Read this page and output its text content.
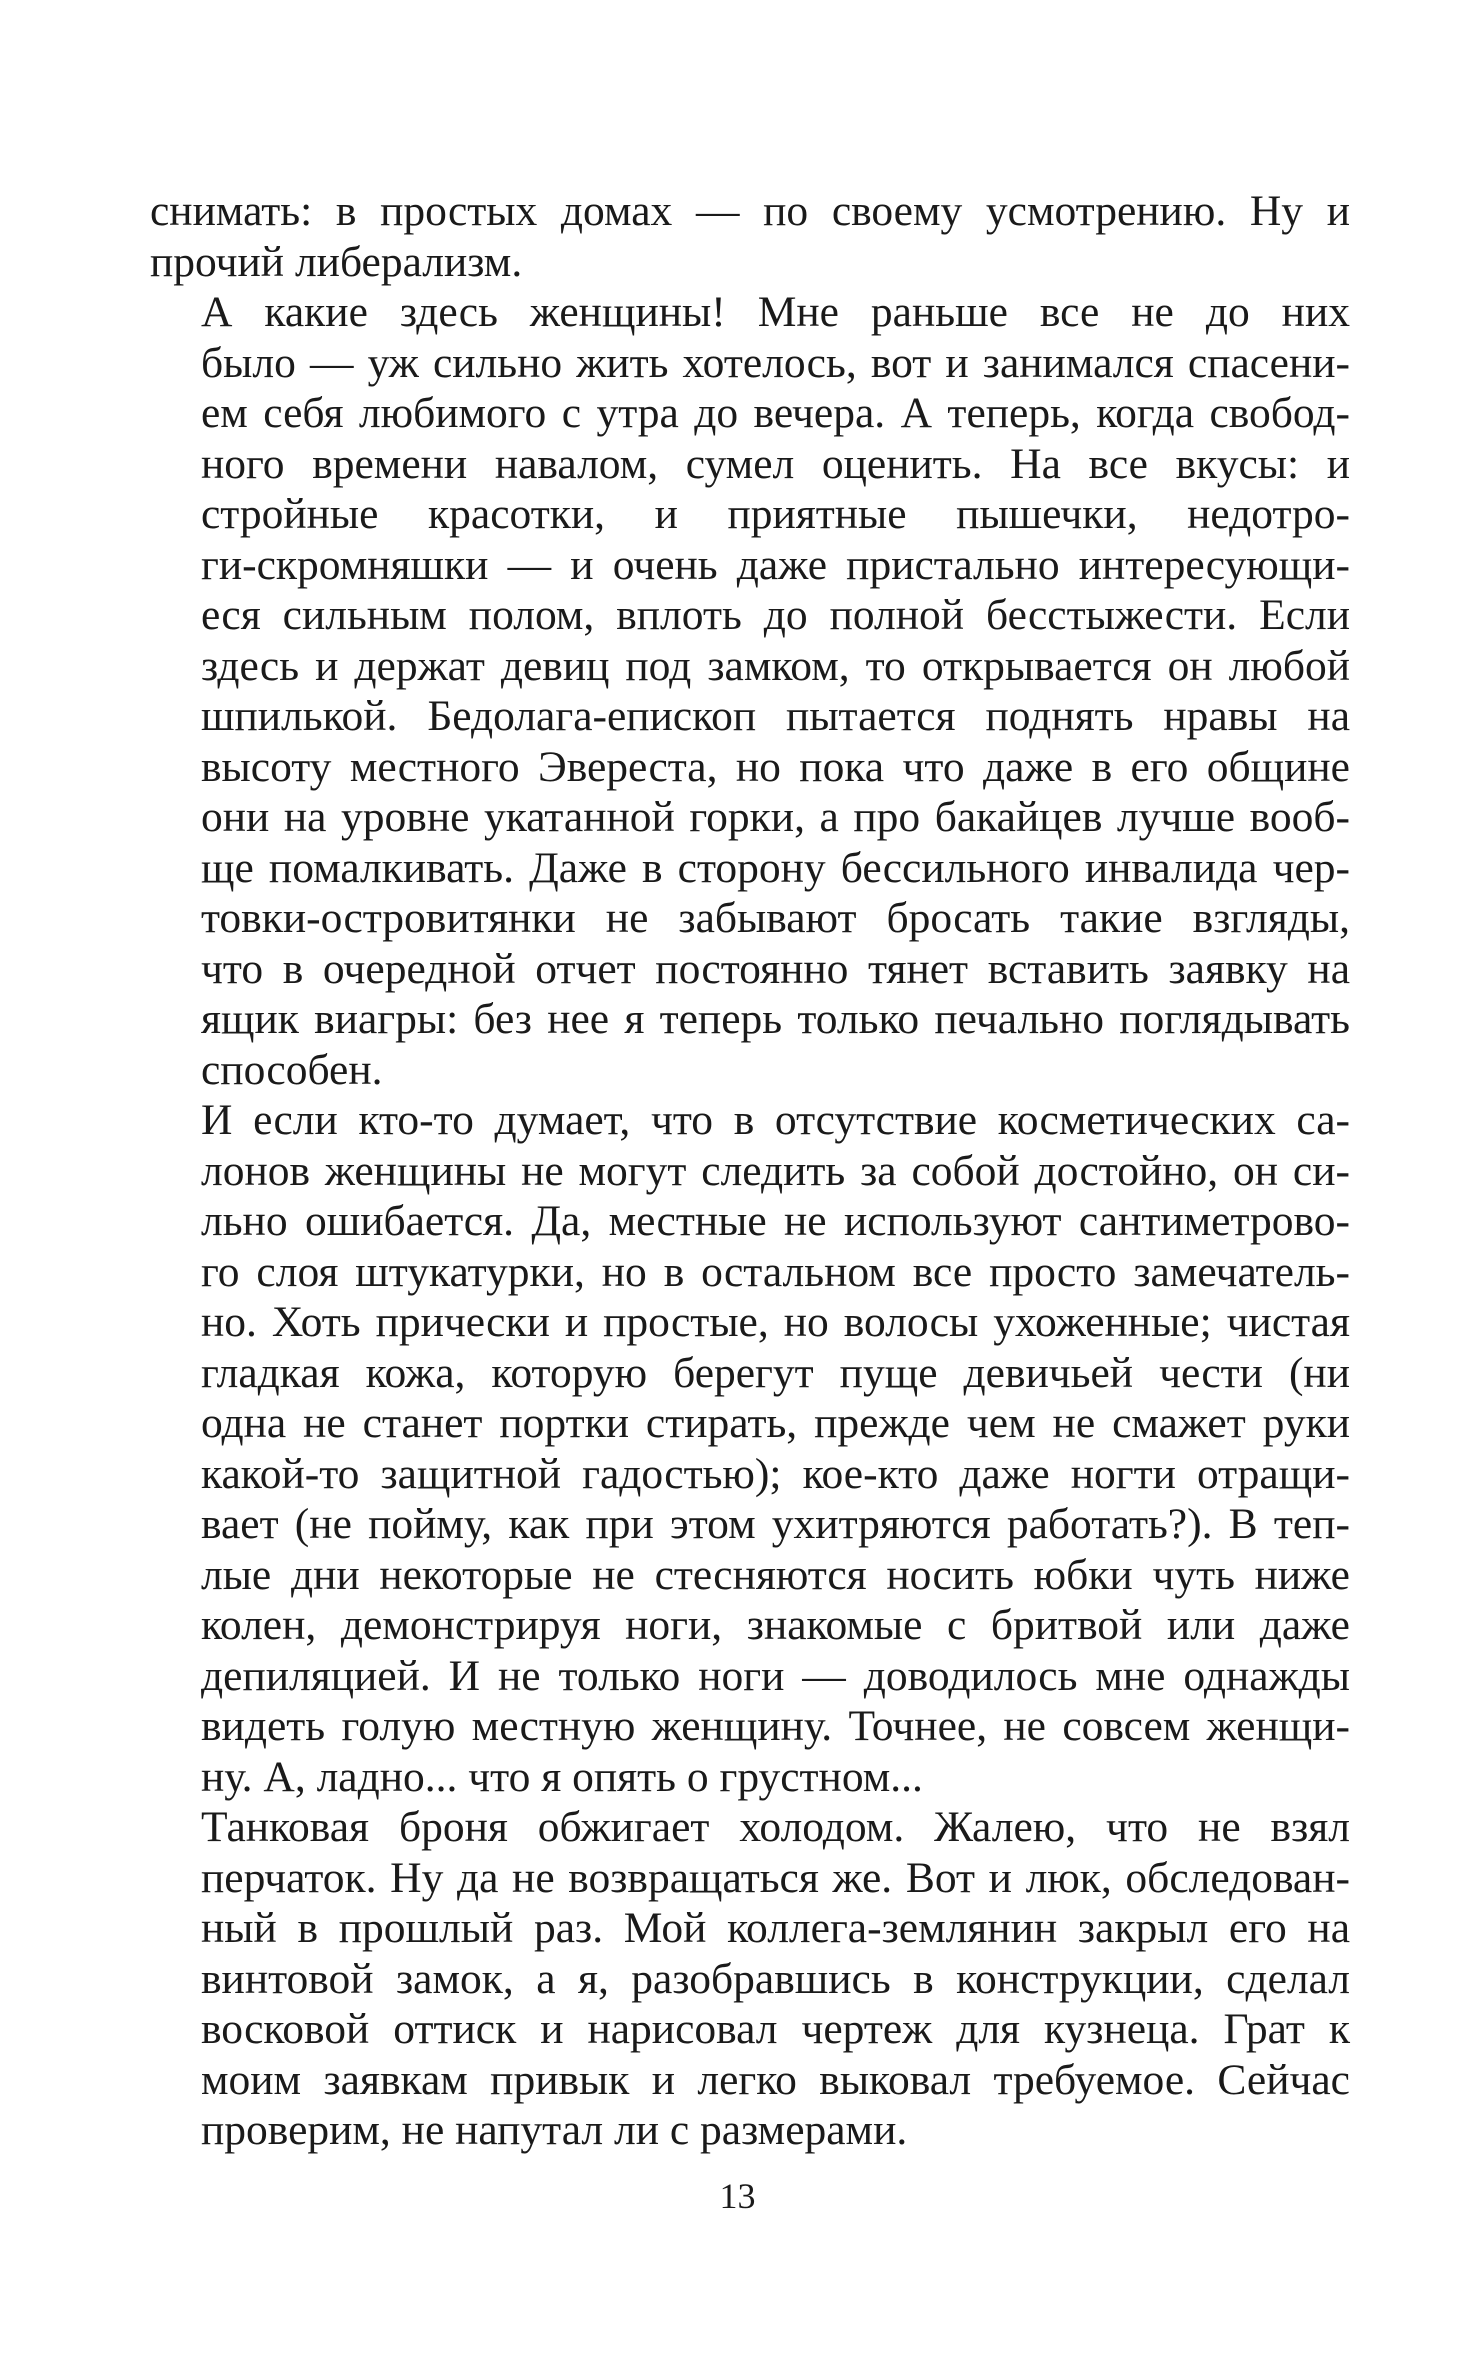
снимать: в простых домах — по своему усмотрению. Ну и
прочий либерализм.

А какие здесь женщины! Мне раньше все не до них
было — уж сильно жить хотелось, вот и занимался спасени-
ем себя любимого с утра до вечера. А теперь, когда свобод-
ного времени навалом, сумел оценить. На все вкусы: и
стройные красотки, и приятные пышечки, недотро-
ги-скромняшки — и очень даже пристально интересующи-
еся сильным полом, вплоть до полной бесстыжести. Если
здесь и держат девиц под замком, то открывается он любой
шпилькой. Бедолага-епископ пытается поднять нравы на
высоту местного Эвереста, но пока что даже в его общине
они на уровне укатанной горки, а про бакайцев лучше вооб-
ще помалкивать. Даже в сторону бессильного инвалида чер-
товки-островитянки не забывают бросать такие взгляды,
что в очередной отчет постоянно тянет вставить заявку на
ящик виагры: без нее я теперь только печально поглядывать
способен.

И если кто-то думает, что в отсутствие косметических са-
лонов женщины не могут следить за собой достойно, он си-
льно ошибается. Да, местные не используют сантиметрово-
го слоя штукатурки, но в остальном все просто замечатель-
но. Хоть прически и простые, но волосы ухоженные; чистая
гладкая кожа, которую берегут пуще девичьей чести (ни
одна не станет портки стирать, прежде чем не смажет руки
какой-то защитной гадостью); кое-кто даже ногти отращи-
вает (не пойму, как при этом ухитряются работать?). В теп-
лые дни некоторые не стесняются носить юбки чуть ниже
колен, демонстрируя ноги, знакомые с бритвой или даже
депиляцией. И не только ноги — доводилось мне однажды
видеть голую местную женщину. Точнее, не совсем женщи-
ну. А, ладно... что я опять о грустном...

Танковая броня обжигает холодом. Жалею, что не взял
перчаток. Ну да не возвращаться же. Вот и люк, обследован-
ный в прошлый раз. Мой коллега-землянин закрыл его на
винтовой замок, а я, разобравшись в конструкции, сделал
восковой оттиск и нарисовал чертеж для кузнеца. Грат к
моим заявкам привык и легко выковал требуемое. Сейчас
проверим, не напутал ли с размерами.

13
